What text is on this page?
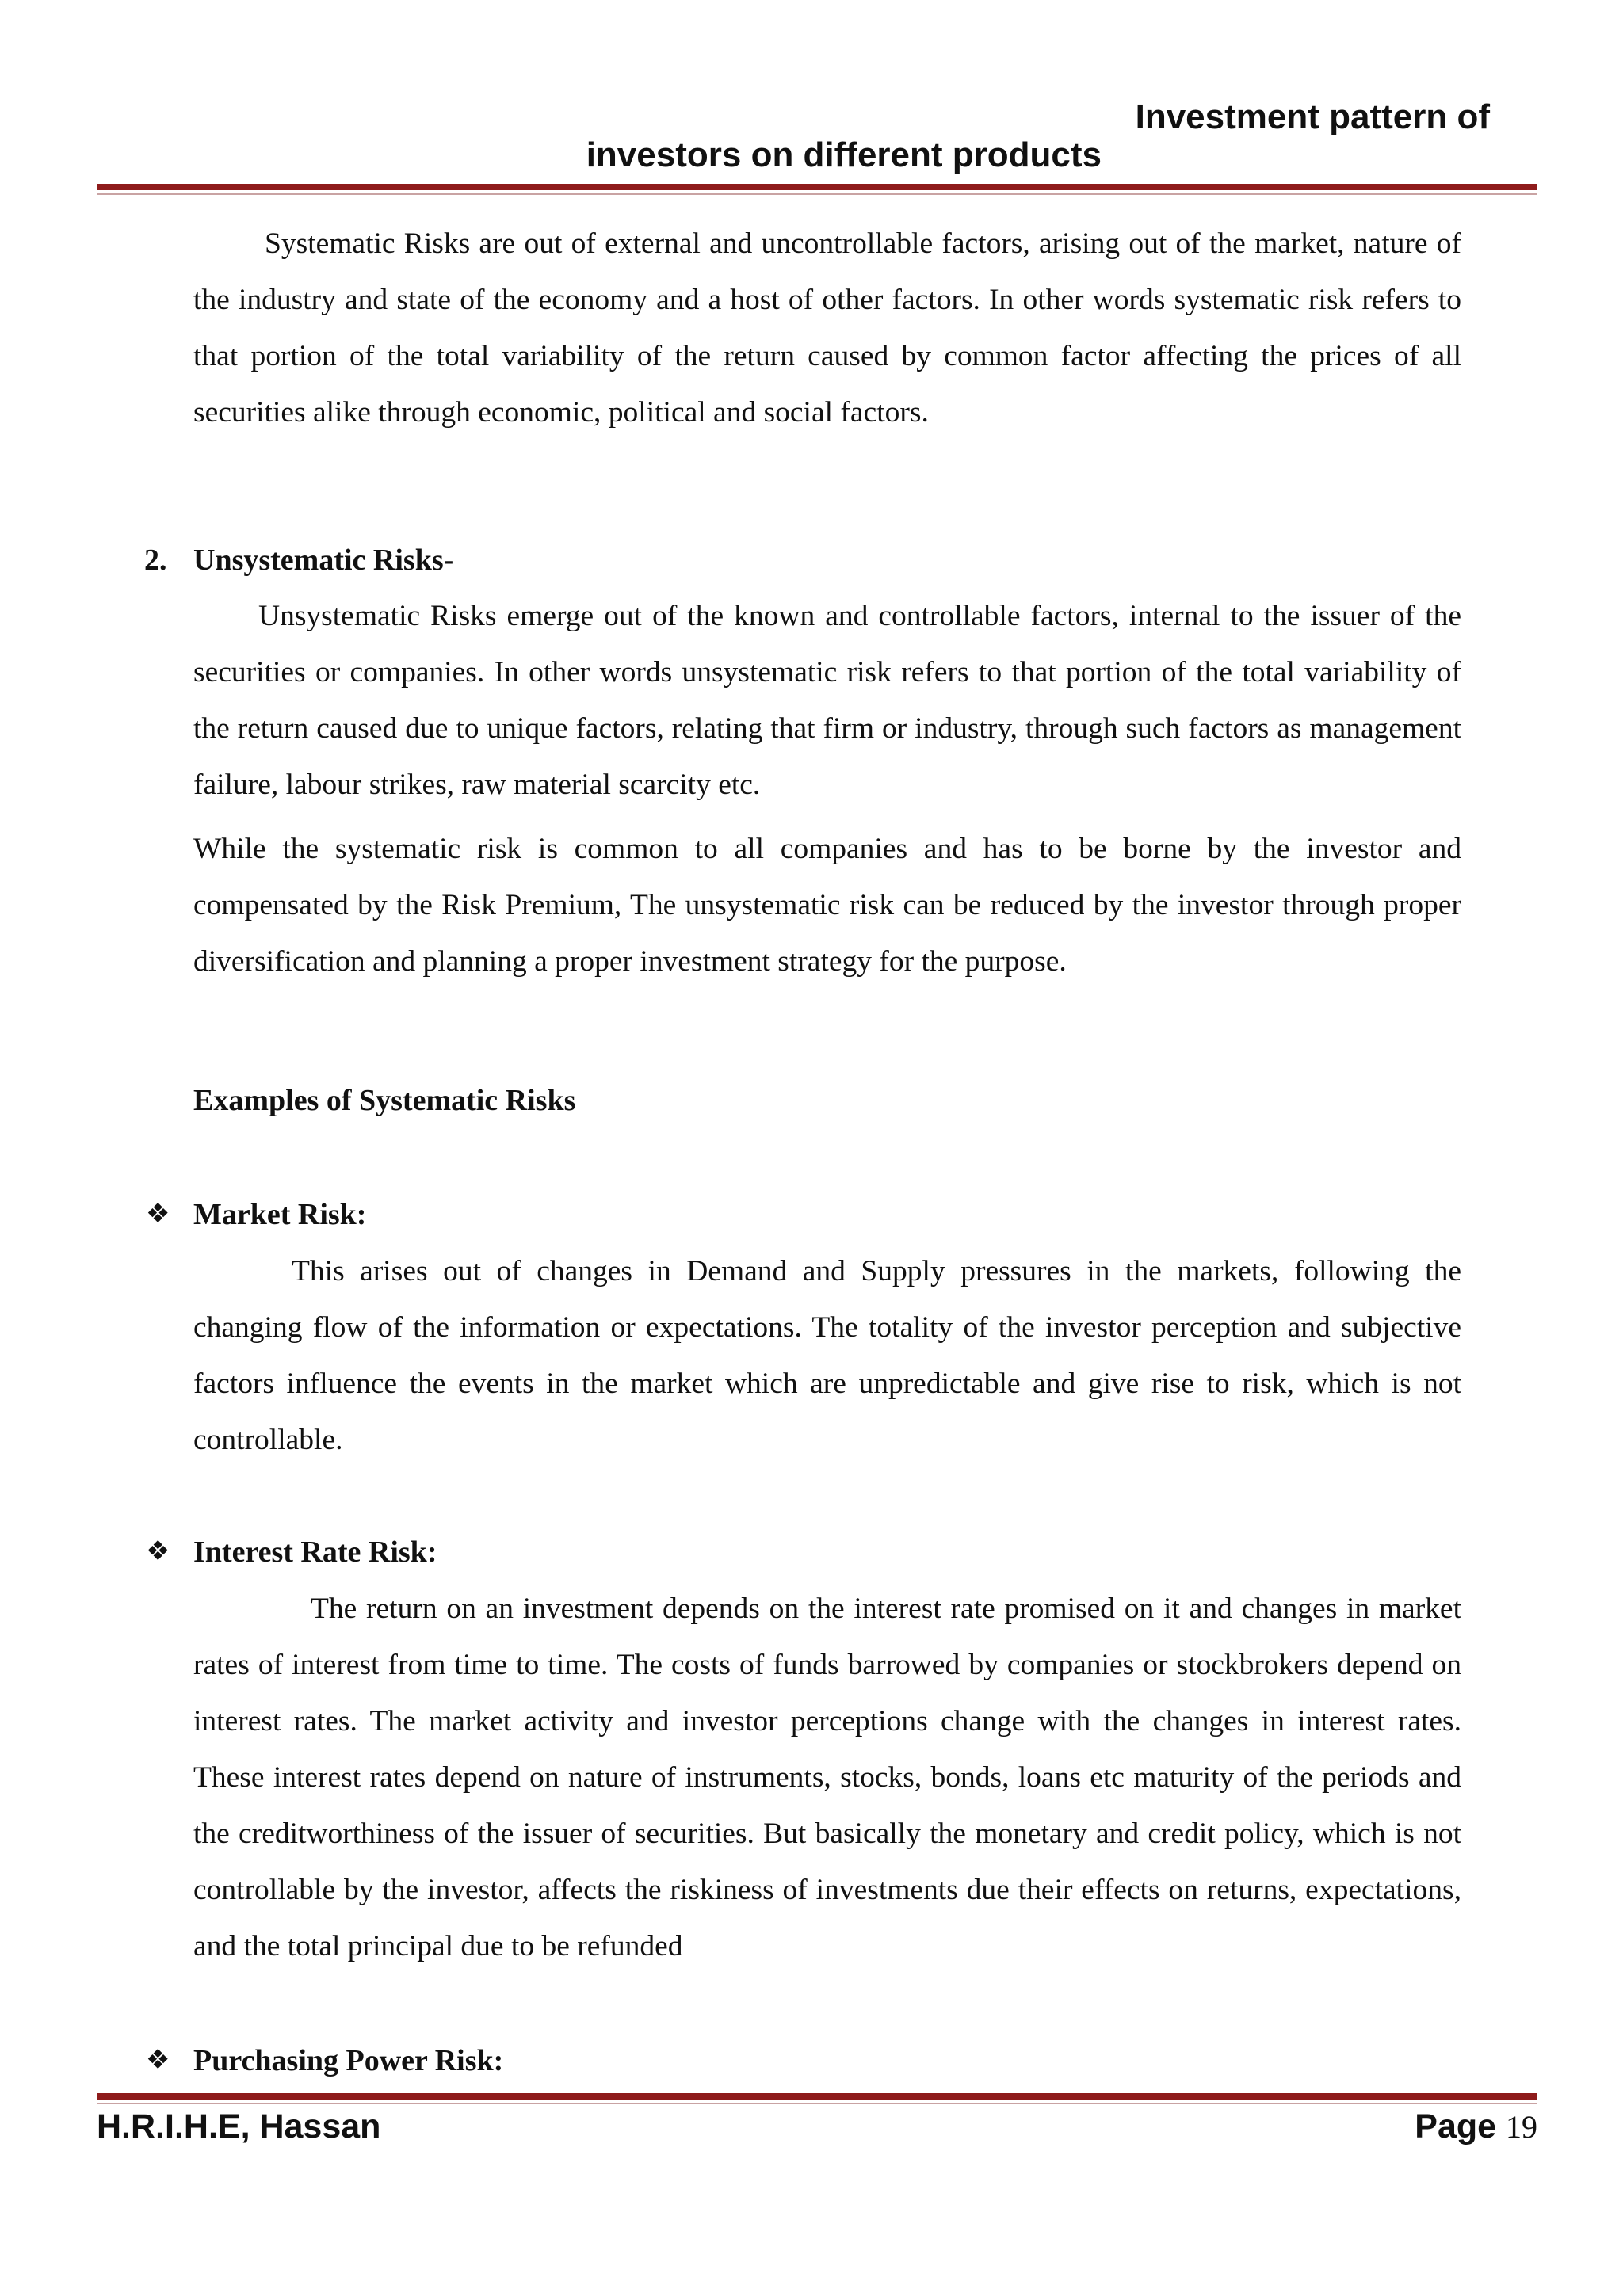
Investment pattern of
investors on different products

Systematic Risks are out of external and uncontrollable factors, arising out of the market, nature of the industry and state of the economy and a host of other factors. In other words systematic risk refers to that portion of the total variability of the return caused by common factor affecting the prices of all securities alike through economic, political and social factors.

2. Unsystematic Risks-

Unsystematic Risks emerge out of the known and controllable factors, internal to the issuer of the securities or companies. In other words unsystematic risk refers to that portion of the total variability of the return caused due to unique factors, relating that firm or industry, through such factors as management failure, labour strikes, raw material scarcity etc.

While the systematic risk is common to all companies and has to be borne by the investor and compensated by the Risk Premium, The unsystematic risk can be reduced by the investor through proper diversification and planning a proper investment strategy for the purpose.

Examples of Systematic Risks
❖ Market Risk:

This arises out of changes in Demand and Supply pressures in the markets, following the changing flow of the information or expectations. The totality of the investor perception and subjective factors influence the events in the market which are unpredictable and give rise to risk, which is not controllable.

❖ Interest Rate Risk:

The return on an investment depends on the interest rate promised on it and changes in market rates of interest from time to time. The costs of funds barrowed by companies or stockbrokers depend on interest rates. The market activity and investor perceptions change with the changes in interest rates. These interest rates depend on nature of instruments, stocks, bonds, loans etc maturity of the periods and the creditworthiness of the issuer of securities. But basically the monetary and credit policy, which is not controllable by the investor, affects the riskiness of investments due their effects on returns, expectations, and the total principal due to be refunded

❖ Purchasing Power Risk:
H.R.I.H.E, Hassan	Page 19
